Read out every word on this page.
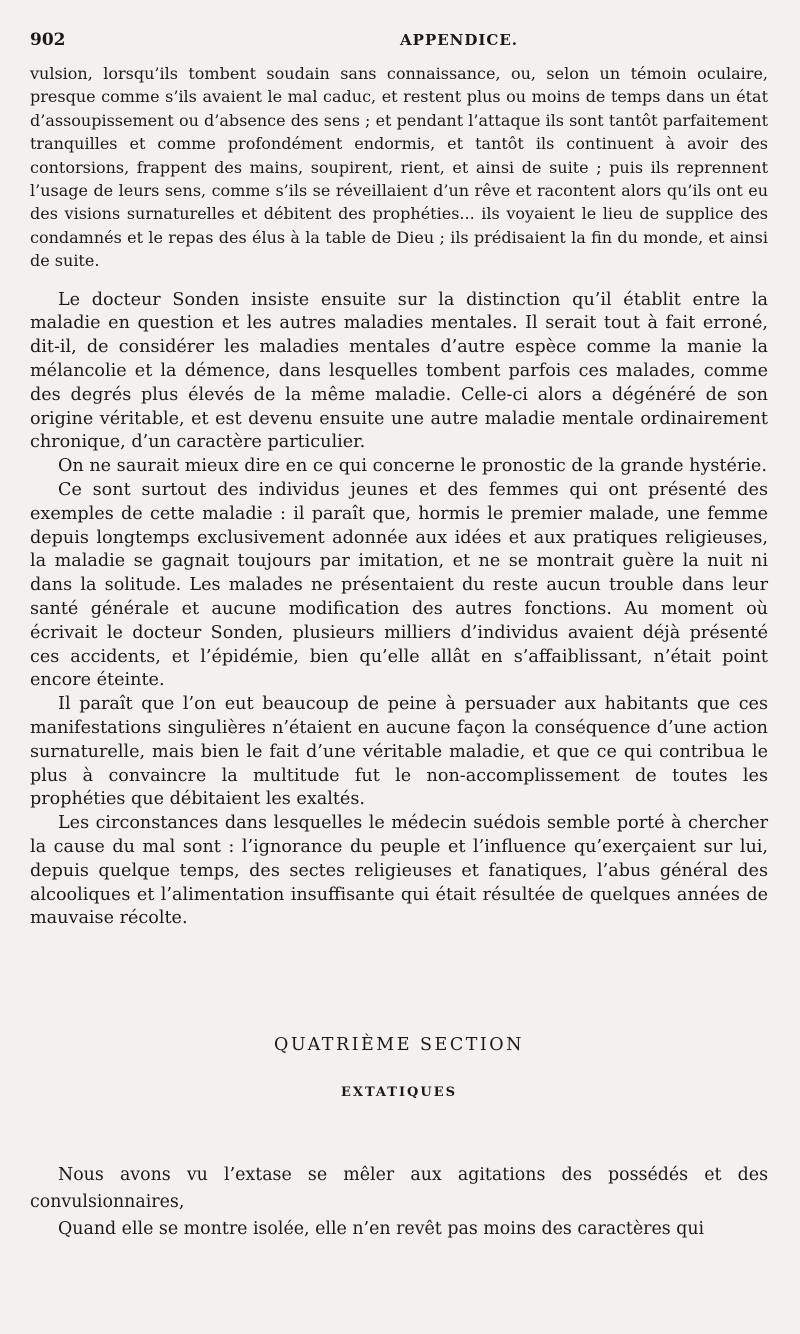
902	APPENDICE.

vulsion, lorsqu’ils tombent soudain sans connaissance, ou, selon un témoin oculaire, presque comme s’ils avaient le mal caduc, et restent plus ou moins de temps dans un état d’assoupissement ou d’absence des sens ; et pendant l’attaque ils sont tantôt parfaitement tranquilles et comme profondément endormis, et tantôt ils continuent à avoir des contorsions, frappent des mains, soupirent, rient, et ainsi de suite ; puis ils reprennent l’usage de leurs sens, comme s’ils se réveillaient d’un rêve et racontent alors qu’ils ont eu des visions surnaturelles et débitent des prophéties... ils voyaient le lieu de supplice des condamnés et le repas des élus à la table de Dieu ; ils prédisaient la fin du monde, et ainsi de suite.

Le docteur Sonden insiste ensuite sur la distinction qu’il établit entre la maladie en question et les autres maladies mentales. Il serait tout à fait erroné, dit-il, de considérer les maladies mentales d’autre espèce comme la manie la mélancolie et la démence, dans lesquelles tombent parfois ces malades, comme des degrés plus élevés de la même maladie. Celle-ci alors a dégénéré de son origine véritable, et est devenu ensuite une autre maladie mentale ordinairement chronique, d’un caractère particulier.

On ne saurait mieux dire en ce qui concerne le pronostic de la grande hystérie.

Ce sont surtout des individus jeunes et des femmes qui ont présenté des exemples de cette maladie : il paraît que, hormis le premier malade, une femme depuis longtemps exclusivement adonnée aux idées et aux pratiques religieuses, la maladie se gagnait toujours par imitation, et ne se montrait guère la nuit ni dans la solitude. Les malades ne présentaient du reste aucun trouble dans leur santé générale et aucune modification des autres fonctions. Au moment où écrivait le docteur Sonden, plusieurs milliers d’individus avaient déjà présenté ces accidents, et l’épidémie, bien qu’elle allât en s’affaiblissant, n’était point encore éteinte.

Il paraît que l’on eut beaucoup de peine à persuader aux habitants que ces manifestations singulières n’étaient en aucune façon la conséquence d’une action surnaturelle, mais bien le fait d’une véritable maladie, et que ce qui contribua le plus à convaincre la multitude fut le non-accomplissement de toutes les prophéties que débitaient les exaltés.

Les circonstances dans lesquelles le médecin suédois semble porté à chercher la cause du mal sont : l’ignorance du peuple et l’influence qu’exerçaient sur lui, depuis quelque temps, des sectes religieuses et fanatiques, l’abus général des alcooliques et l’alimentation insuffisante qui était résultée de quelques années de mauvaise récolte.

QUATRIÈME SECTION
EXTATIQUES

Nous avons vu l’extase se mêler aux agitations des possédés et des convulsionnaires,

Quand elle se montre isolée, elle n’en revêt pas moins des caractères qui
